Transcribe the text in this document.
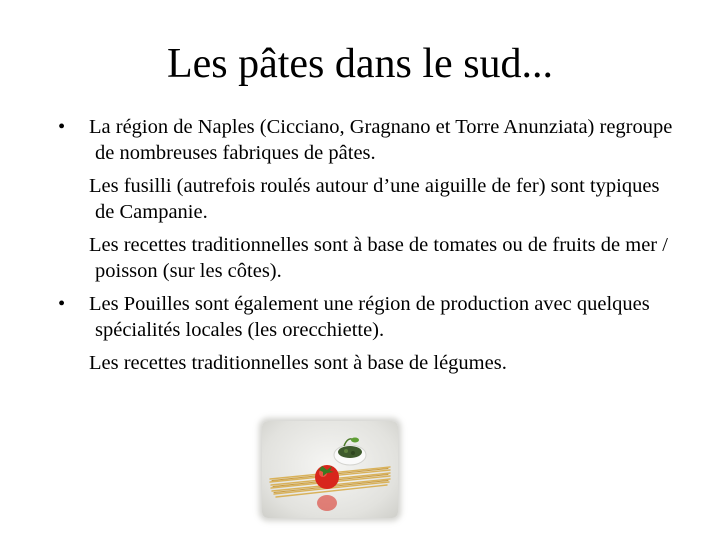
Les pâtes dans le sud...
• La région de Naples (Cicciano, Gragnano et Torre Anunziata) regroupe de nombreuses fabriques de pâtes.
Les fusilli (autrefois roulés autour d’une aiguille de fer) sont typiques de Campanie.
Les recettes traditionnelles sont à base de tomates ou de fruits de mer / poisson (sur les côtes).
• Les Pouilles sont également une région de production avec quelques spécialités locales (les orecchiette).
Les recettes traditionnelles sont à base de légumes.
